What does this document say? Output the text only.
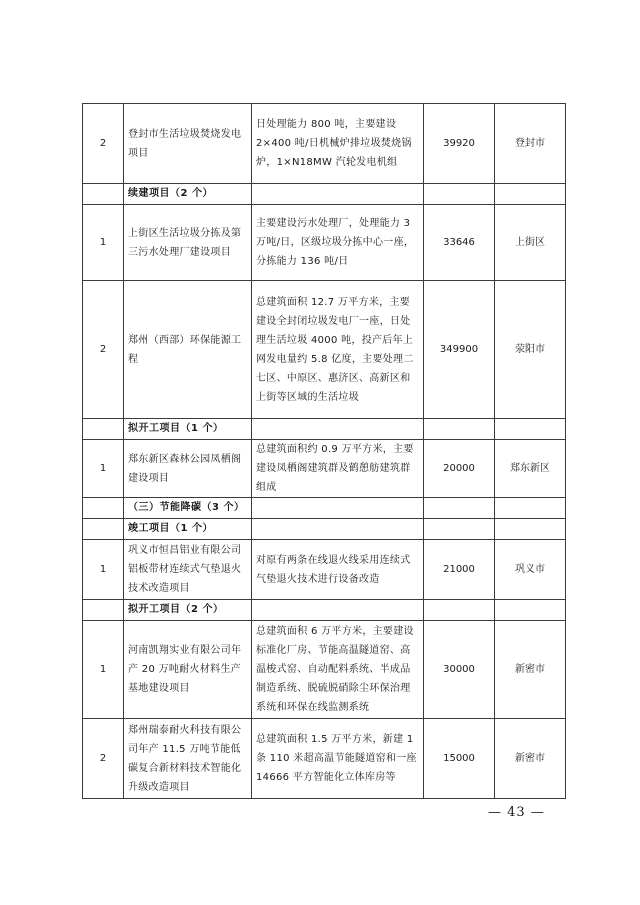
2	登封市生活垃圾焚烧发电项目	日处理能力 800 吨，主要建设 2×400 吨/日机械炉排垃圾焚烧锅炉，1×N18MW 汽轮发电机组	39920	登封市
	续建项目（2 个）			
1	上街区生活垃圾分拣及第三污水处理厂建设项目	主要建设污水处理厂，处理能力 3 万吨/日，区级垃圾分拣中心一座，分拣能力 136 吨/日	33646	上街区
2	郑州（西部）环保能源工程	总建筑面积 12.7 万平方米，主要建设全封闭垃圾发电厂一座，日处理生活垃圾 4000 吨，投产后年上网发电量约 5.8 亿度，主要处理二七区、中原区、惠济区、高新区和上街等区域的生活垃圾	349900	荥阳市
	拟开工项目（1 个）			
1	郑东新区森林公园凤栖阁建设项目	总建筑面积约 0.9 万平方米，主要建设凤栖阁建筑群及鹤憩舫建筑群组成	20000	郑东新区
	（三）节能降碳（3 个）			
	竣工项目（1 个）			
1	巩义市恒昌铝业有限公司铝板带材连续式气垫退火技术改造项目	对原有两条在线退火线采用连续式气垫退火技术进行设备改造	21000	巩义市
	拟开工项目（2 个）			
1	河南凯翔实业有限公司年产 20 万吨耐火材料生产基地建设项目	总建筑面积 6 万平方米，主要建设标准化厂房、节能高温隧道窑、高温梭式窑、自动配料系统、半成品制造系统、脱硫脱硝除尘环保治理系统和环保在线监测系统	30000	新密市
2	郑州瑞泰耐火科技有限公司年产 11.5 万吨节能低碳复合新材料技术智能化升级改造项目	总建筑面积 1.5 万平方米，新建 1 条 110 米超高温节能隧道窑和一座 14666 平方智能化立体库房等	15000	新密市
— 43 —
